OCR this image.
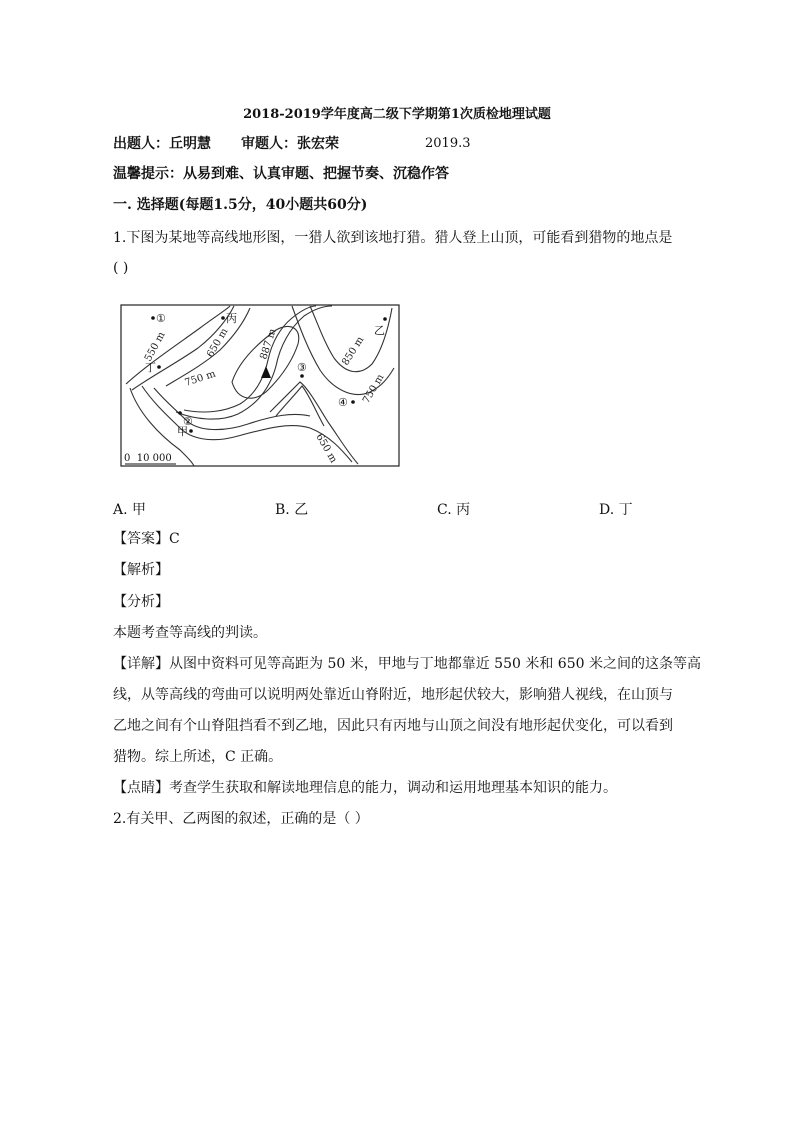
2018-2019学年度高二级下学期第1次质检地理试题
出题人：丘明慧 审题人：张宏荣	2019.3
温馨提示：从易到难、认真审题、把握节奏、沉稳作答
一. 选择题(每题1.5分，40小题共60分)
1.下图为某地等高线地形图，一猎人欲到该地打猎。猎人登上山顶，可能看到猎物的地点是
( )
550 m	650 m
750 m
887 m	850 m
750 m
650 m
①	丙
乙
丁
②
甲
③
④
0  10 000
A. 甲	B. 乙	C. 丙	D. 丁
【答案】C
【解析】
【分析】
本题考查等高线的判读。
【详解】从图中资料可见等高距为 50 米，甲地与丁地都靠近 550 米和 650 米之间的这条等高
线，从等高线的弯曲可以说明两处靠近山脊附近，地形起伏较大，影响猎人视线，在山顶与
乙地之间有个山脊阻挡看不到乙地，因此只有丙地与山顶之间没有地形起伏变化，可以看到
猎物。综上所述，C 正确。
【点睛】考查学生获取和解读地理信息的能力，调动和运用地理基本知识的能力。
2.有关甲、乙两图的叙述，正确的是（ ）
